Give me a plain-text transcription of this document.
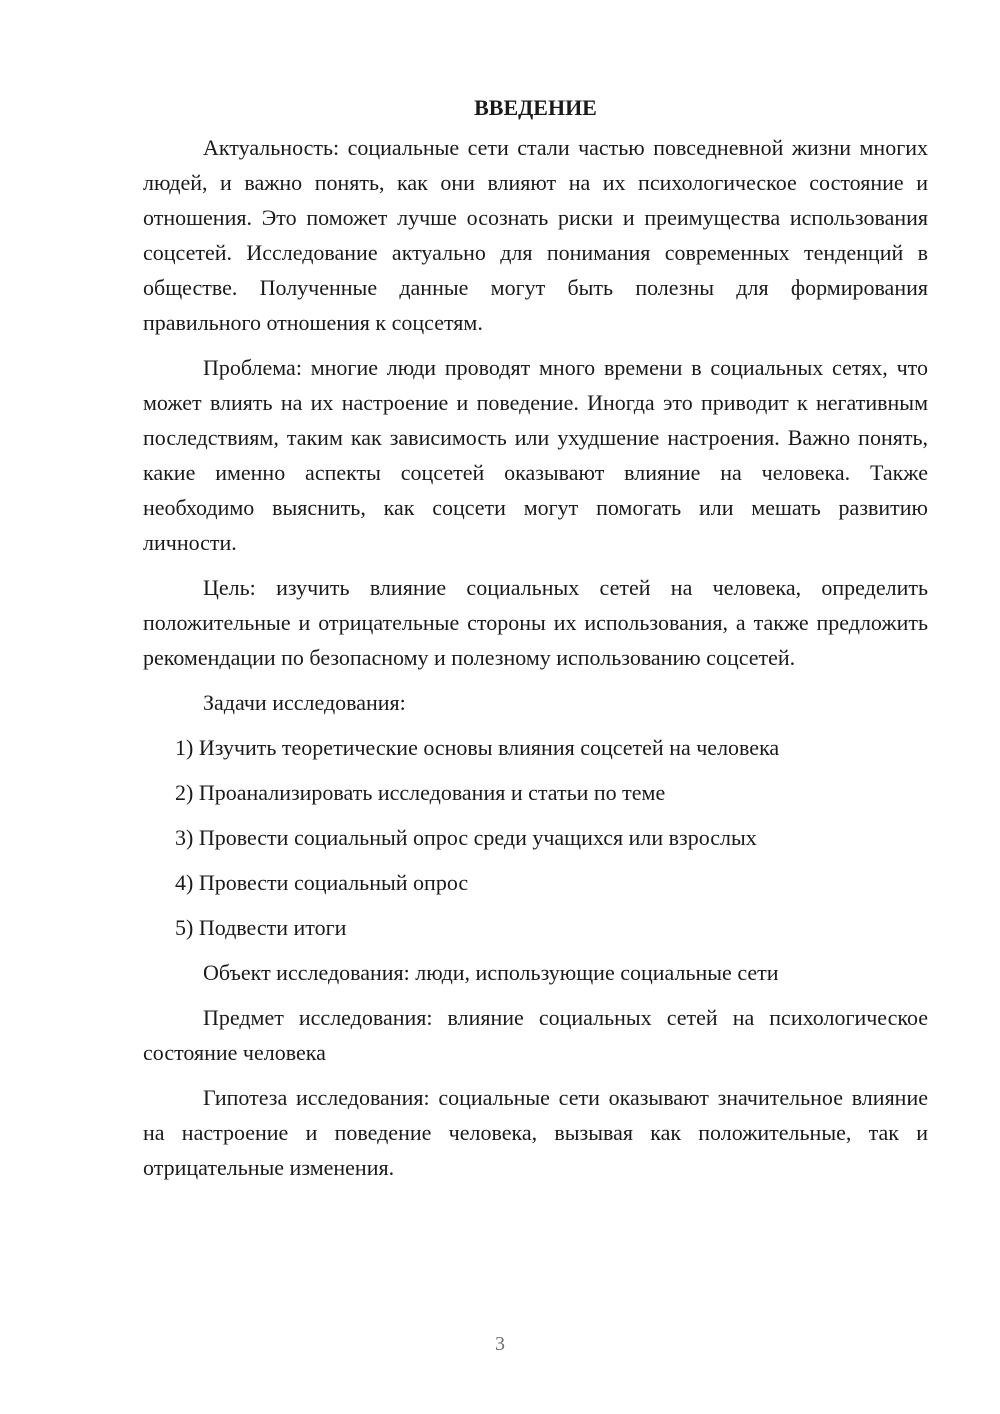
ВВЕДЕНИЕ

Актуальность: социальные сети стали частью повседневной жизни многих людей, и важно понять, как они влияют на их психологическое состояние и отношения. Это поможет лучше осознать риски и преимущества использования соцсетей. Исследование актуально для понимания современных тенденций в обществе. Полученные данные могут быть полезны для формирования правильного отношения к соцсетям.

Проблема: многие люди проводят много времени в социальных сетях, что может влиять на их настроение и поведение. Иногда это приводит к негативным последствиям, таким как зависимость или ухудшение настроения. Важно понять, какие именно аспекты соцсетей оказывают влияние на человека. Также необходимо выяснить, как соцсети могут помогать или мешать развитию личности.

Цель: изучить влияние социальных сетей на человека, определить положительные и отрицательные стороны их использования, а также предложить рекомендации по безопасному и полезному использованию соцсетей.

Задачи исследования:

1) Изучить теоретические основы влияния соцсетей на человека
2) Проанализировать исследования и статьи по теме
3) Провести социальный опрос среди учащихся или взрослых
4) Провести социальный опрос
5) Подвести итоги

Объект исследования: люди, использующие социальные сети

Предмет исследования: влияние социальных сетей на психологическое состояние человека

Гипотеза исследования: социальные сети оказывают значительное влияние на настроение и поведение человека, вызывая как положительные, так и отрицательные изменения.

3
